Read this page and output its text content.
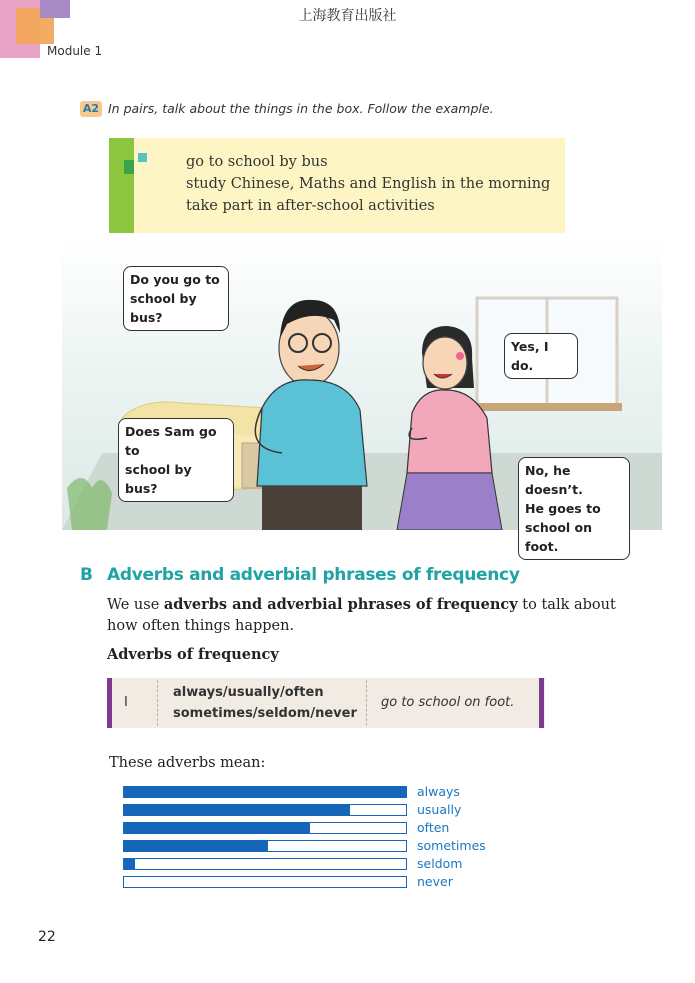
上海教育出版社
Module 1
A2 In pairs, talk about the things in the box. Follow the example.
go to school by bus
study Chinese, Maths and English in the morning
take part in after-school activities
Do you go to
school by bus?
Yes, I do.
Does Sam go to
school by bus?
No, he doesn’t.
He goes to
school on foot.
B Adverbs and adverbial phrases of frequency
We use adverbs and adverbial phrases of frequency to talk about how often things happen.
Adverbs of frequency
I
always/usually/often
sometimes/seldom/never
go to school on foot.
These adverbs mean:
always
usually
often
sometimes
seldom
never
22
